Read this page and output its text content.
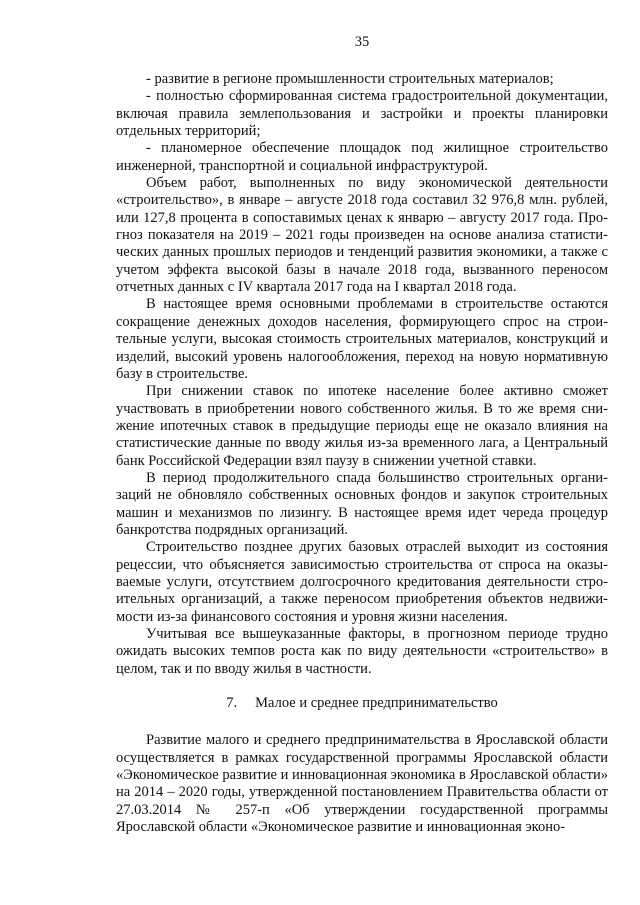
35

- развитие в регионе промышленности строительных материалов;

- полностью сформированная система градостроительной документации, включая правила землепользования и застройки и проекты планировки отдельных территорий;

- планомерное обеспечение площадок под жилищное строительство инженерной, транспортной и социальной инфраструктурой.

Объем работ, выполненных по виду экономической деятельности «строительство», в январе – августе 2018 года составил 32 976,8 млн. рублей, или 127,8 процента в сопоставимых ценах к январю – августу 2017 года. Прогноз показателя на 2019 – 2021 годы произведен на основе анализа статистических данных прошлых периодов и тенденций развития экономики, а также с учетом эффекта высокой базы в начале 2018 года, вызванного переносом отчетных данных с IV квартала 2017 года на I квартал 2018 года.

В настоящее время основными проблемами в строительстве остаются сокращение денежных доходов населения, формирующего спрос на строительные услуги, высокая стоимость строительных материалов, конструкций и изделий, высокий уровень налогообложения, переход на новую нормативную базу в строительстве.

При снижении ставок по ипотеке население более активно сможет участвовать в приобретении нового собственного жилья. В то же время снижение ипотечных ставок в предыдущие периоды еще не оказало влияния на статистические данные по вводу жилья из-за временного лага, а Центральный банк Российской Федерации взял паузу в снижении учетной ставки.

В период продолжительного спада большинство строительных организаций не обновляло собственных основных фондов и закупок строительных машин и механизмов по лизингу. В настоящее время идет череда процедур банкротства подрядных организаций.

Строительство позднее других базовых отраслей выходит из состояния рецессии, что объясняется зависимостью строительства от спроса на оказываемые услуги, отсутствием долгосрочного кредитования деятельности строительных организаций, а также переносом приобретения объектов недвижимости из-за финансового состояния и уровня жизни населения.

Учитывая все вышеуказанные факторы, в прогнозном периоде трудно ожидать высоких темпов роста как по виду деятельности «строительство» в целом, так и по вводу жилья в частности.

7. Малое и среднее предпринимательство

Развитие малого и среднего предпринимательства в Ярославской области осуществляется в рамках государственной программы Ярославской области «Экономическое развитие и инновационная экономика в Ярославской области» на 2014 – 2020 годы, утвержденной постановлением Правительства области от 27.03.2014 № 257-п «Об утверждении государственной программы Ярославской области «Экономическое развитие и инновационная эконо-
